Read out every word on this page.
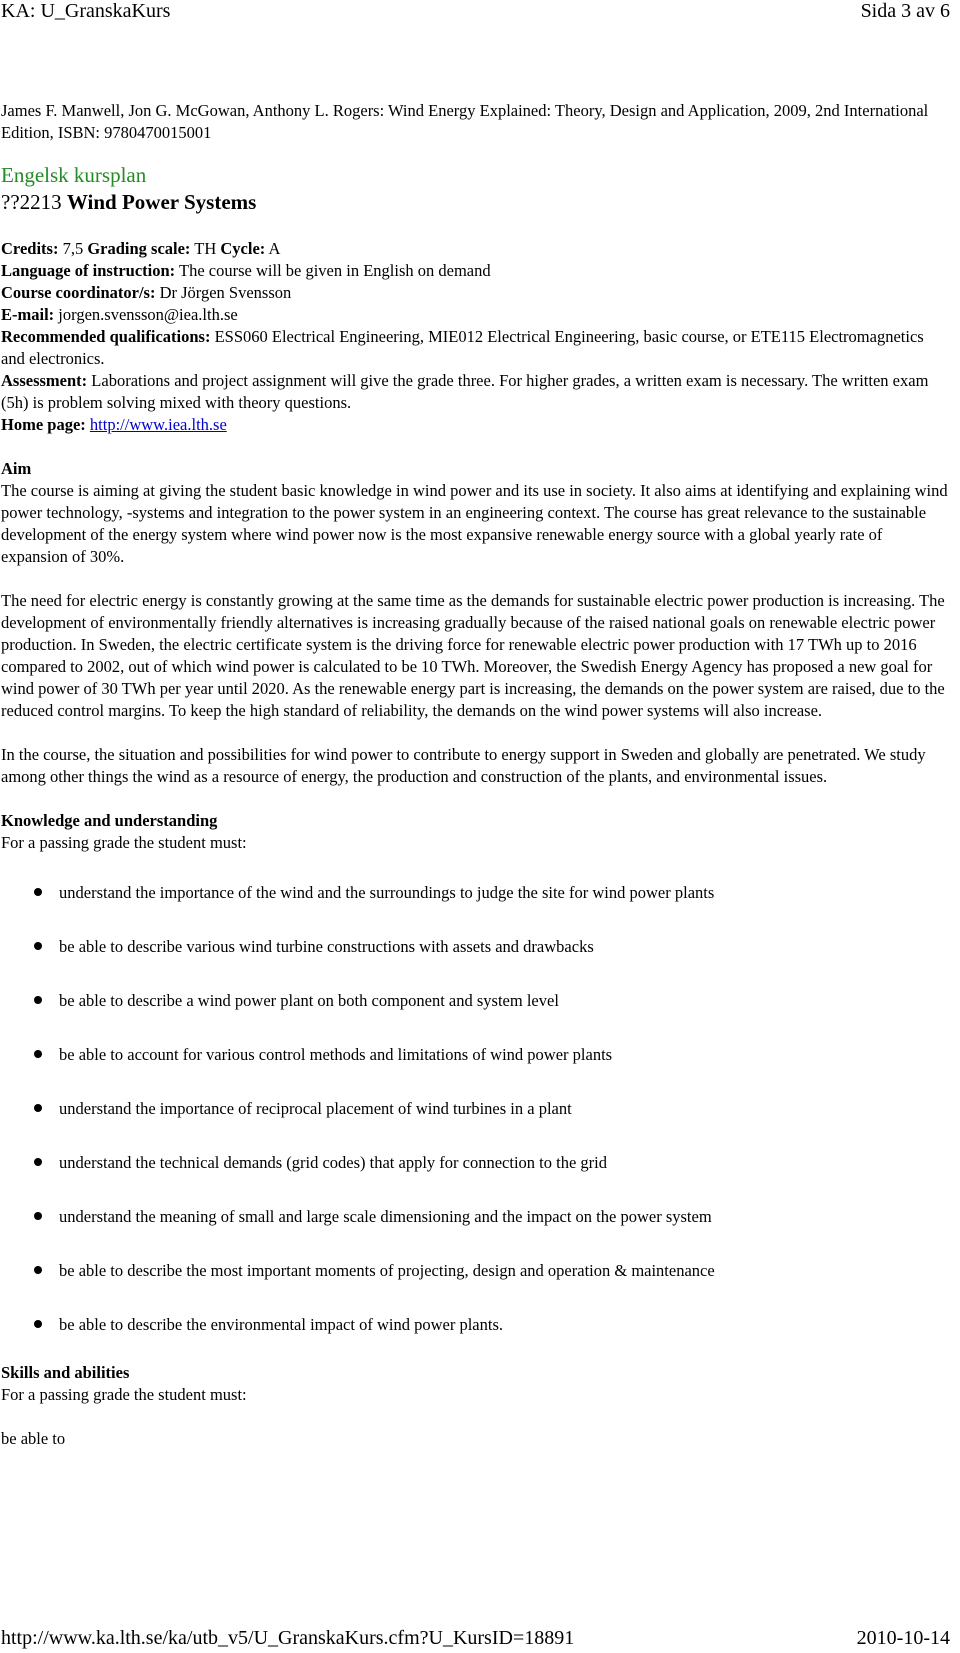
KA: U_GranskaKurs	Sida 3 av 6

James F. Manwell, Jon G. McGowan, Anthony L. Rogers: Wind Energy Explained: Theory, Design and Application, 2009, 2nd International Edition, ISBN: 9780470015001

Engelsk kursplan

??2213 Wind Power Systems

Credits: 7,5 Grading scale: TH Cycle: A

Language of instruction: The course will be given in English on demand

Course coordinator/s: Dr Jörgen Svensson

E-mail: jorgen.svensson@iea.lth.se

Recommended qualifications: ESS060 Electrical Engineering, MIE012 Electrical Engineering, basic course, or ETE115 Electromagnetics and electronics.

Assessment: Laborations and project assignment will give the grade three. For higher grades, a written exam is necessary. The written exam (5h) is problem solving mixed with theory questions.

Home page: http://www.iea.lth.se

Aim

The course is aiming at giving the student basic knowledge in wind power and its use in society. It also aims at identifying and explaining wind power technology, -systems and integration to the power system in an engineering context. The course has great relevance to the sustainable development of the energy system where wind power now is the most expansive renewable energy source with a global yearly rate of expansion of 30%.

The need for electric energy is constantly growing at the same time as the demands for sustainable electric power production is increasing. The development of environmentally friendly alternatives is increasing gradually because of the raised national goals on renewable electric power production. In Sweden, the electric certificate system is the driving force for renewable electric power production with 17 TWh up to 2016 compared to 2002, out of which wind power is calculated to be 10 TWh. Moreover, the Swedish Energy Agency has proposed a new goal for wind power of 30 TWh per year until 2020. As the renewable energy part is increasing, the demands on the power system are raised, due to the reduced control margins. To keep the high standard of reliability, the demands on the wind power systems will also increase.

In the course, the situation and possibilities for wind power to contribute to energy support in Sweden and globally are penetrated. We study among other things the wind as a resource of energy, the production and construction of the plants, and environmental issues.

Knowledge and understanding

For a passing grade the student must:

understand the importance of the wind and the surroundings to judge the site for wind power plants
be able to describe various wind turbine constructions with assets and drawbacks
be able to describe a wind power plant on both component and system level
be able to account for various control methods and limitations of wind power plants
understand the importance of reciprocal placement of wind turbines in a plant
understand the technical demands (grid codes) that apply for connection to the grid
understand the meaning of small and large scale dimensioning and the impact on the power system
be able to describe the most important moments of projecting, design and operation & maintenance
be able to describe the environmental impact of wind power plants.

Skills and abilities

For a passing grade the student must:

be able to

http://www.ka.lth.se/ka/utb_v5/U_GranskaKurs.cfm?U_KursID=18891	2010-10-14
